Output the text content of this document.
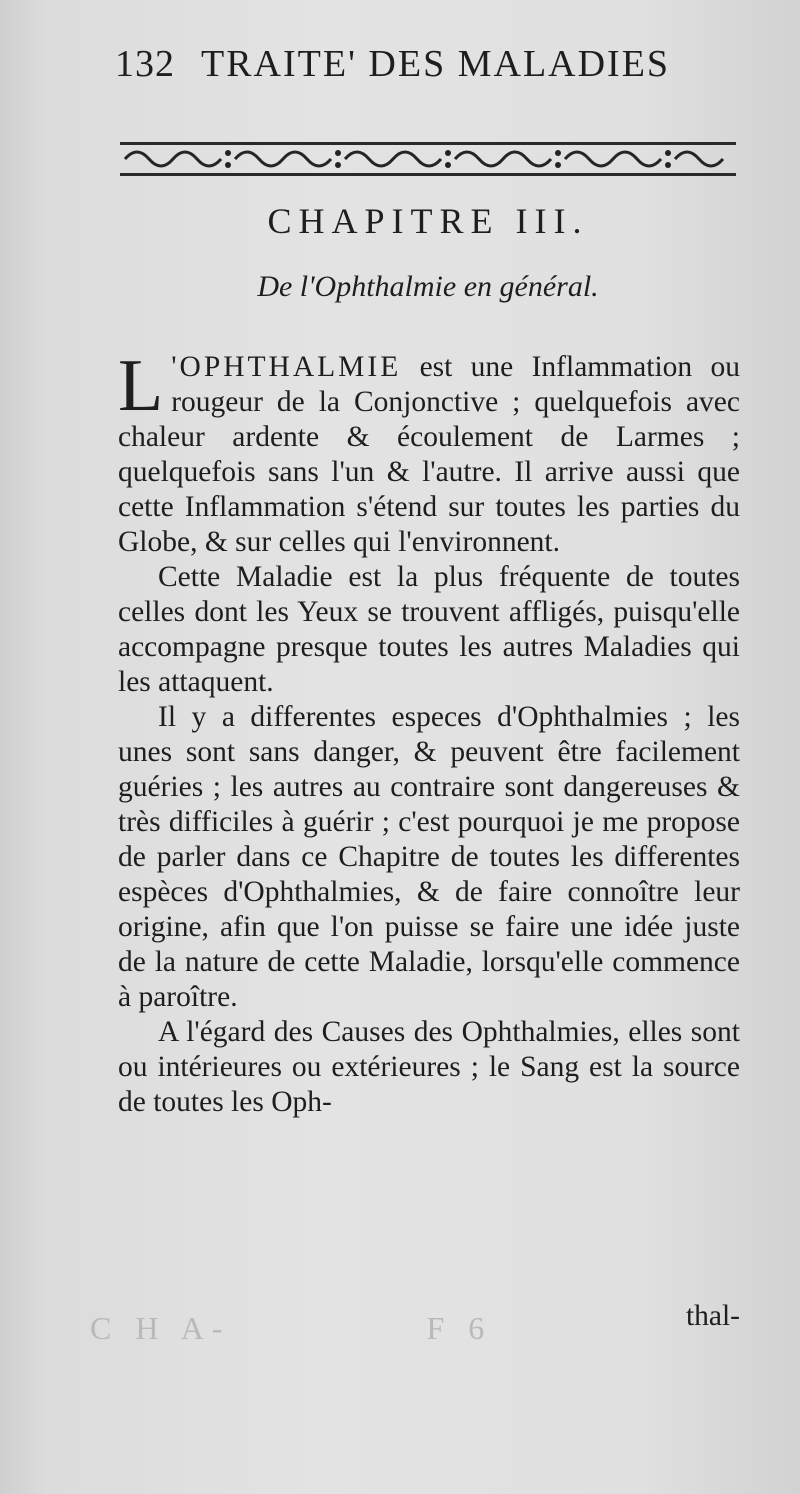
C H A-	F 6
132 TRAITE' DES MALADIES
CHAPITRE III.
De l'Ophthalmie en général.

L 'OPHTHALMIE est une Inflammation ou rougeur de la Conjonctive ; quelquefois avec chaleur ardente & écoulement de Larmes ; quelquefois sans l'un & l'autre. Il arrive aussi que cette Inflammation s'étend sur toutes les parties du Globe, & sur celles qui l'environnent.

Cette Maladie est la plus fréquente de toutes celles dont les Yeux se trouvent affligés, puisqu'elle accompagne presque toutes les autres Maladies qui les attaquent.

Il y a differentes especes d'Ophthalmies ; les unes sont sans danger, & peuvent être facilement guéries ; les autres au contraire sont dangereuses & très difficiles à guérir ; c'est pourquoi je me propose de parler dans ce Chapitre de toutes les differentes espèces d'Ophthalmies, & de faire connoître leur origine, afin que l'on puisse se faire une idée juste de la nature de cette Maladie, lorsqu'elle commence à paroître.

A l'égard des Causes des Ophthalmies, elles sont ou intérieures ou extérieures ; le Sang est la source de toutes les Oph-

thal-
